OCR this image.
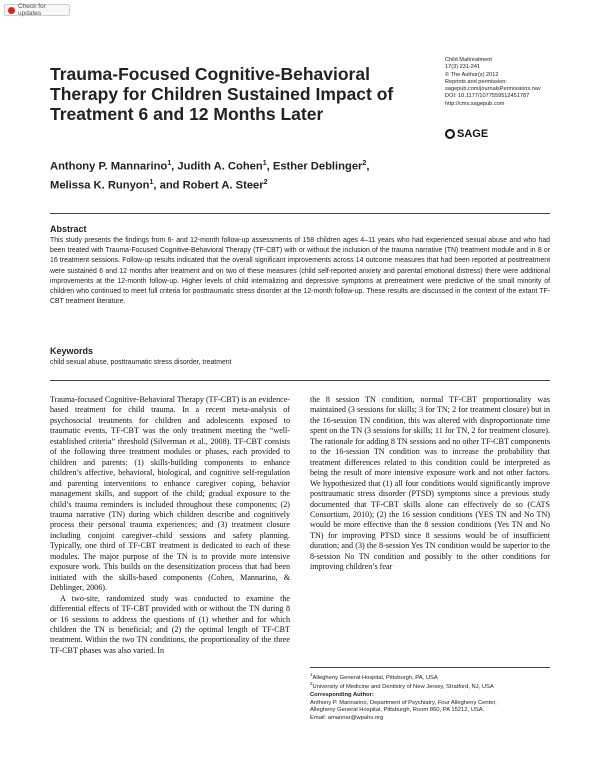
Check for updates
Child Maltreatment
17(3) 231-241
© The Author(s) 2012
Reprints and permission:
sagepub.com/journalsPermissions.nav
DOI: 10.1177/1077559512451787
http://cmx.sagepub.com
SAGE
Trauma-Focused Cognitive-Behavioral Therapy for Children Sustained Impact of Treatment 6 and 12 Months Later
Anthony P. Mannarino$^1$, Judith A. Cohen$^1$, Esther Deblinger$^2$,
Melissa K. Runyon$^1$, and Robert A. Steer$^2$
Abstract
This study presents the findings from 6- and 12-month follow-up assessments of 158 children ages 4–11 years who had experienced sexual abuse and who had been treated with Trauma-Focused Cognitive-Behavioral Therapy (TF-CBT) with or without the inclusion of the trauma narrative (TN) treatment module and in 8 or 16 treatment sessions. Follow-up results indicated that the overall significant improvements across 14 outcome measures that had been reported at posttreatment were sustained 6 and 12 months after treatment and on two of these measures (child self-reported anxiety and parental emotional distress) there were additional improvements at the 12-month follow-up. Higher levels of child internalizing and depressive symptoms at pretreatment were predictive of the small minority of children who continued to meet full criteria for posttraumatic stress disorder at the 12-month follow-up. These results are discussed in the context of the extant TF-CBT treatment literature.
Keywords
child sexual abuse, posttraumatic stress disorder, treatment

Trauma-focused Cognitive-Behavioral Therapy (TF-CBT) is an evidence-based treatment for child trauma. In a recent meta-analysis of psychosocial treatments for children and adolescents exposed to traumatic events, TF-CBT was the only treatment meeting the “well-established criteria” threshold (Silverman et al., 2008). TF-CBT consists of the following three treatment modules or phases, each provided to children and parents: (1) skills-building components to enhance children’s affective, behavioral, biological, and cognitive self-regulation and parenting interventions to enhance caregiver coping, behavior management skills, and support of the child; gradual exposure to the child’s trauma reminders is included throughout these components; (2) trauma narrative (TN) during which children describe and cognitively process their personal trauma experiences; and (3) treatment closure including conjoint caregiver–child sessions and safety planning. Typically, one third of TF-CBT treatment is dedicated to each of these modules. The major purpose of the TN is to provide more intensive exposure work. This builds on the desensitization process that had been initiated with the skills-based components (Cohen, Mannarino, & Deblinger, 2006).

A two-site, randomized study was conducted to examine the differential effects of TF-CBT provided with or without the TN during 8 or 16 sessions to address the questions of (1) whether and for which children the TN is beneficial; and (2) the optimal length of TF-CBT treatment. Within the two TN conditions, the proportionality of the three TF-CBT phases was also varied. In

the 8 session TN condition, normal TF-CBT proportionality was maintained (3 sessions for skills; 3 for TN; 2 for treatment closure) but in the 16-session TN condition, this was altered with disproportionate time spent on the TN (3 sessions for skills; 11 for TN, 2 for treatment closure). The rationale for adding 8 TN sessions and no other TF-CBT components to the 16-session TN condition was to increase the probability that treatment differences related to this condition could be interpreted as being the result of more intensive exposure work and not other factors. We hypothesized that (1) all four conditions would significantly improve posttraumatic stress disorder (PTSD) symptoms since a previous study documented that TF-CBT skills alone can effectively do so (CATS Consortium, 2010); (2) the 16 session conditions (YES TN and No TN) would be more effective than the 8 session conditions (Yes TN and No TN) for improving PTSD since 8 sessions would be of insufficient duration; and (3) the 8-session Yes TN condition would be superior to the 8-session No TN condition and possibly to the other conditions for improving children’s fear

$^1$Allegheny General Hospital, Pittsburgh, PA, USA
$^2$University of Medicine and Dentistry of New Jersey, Stratford, NJ, USA
Corresponding Author:
Anthony P. Mannarino, Department of Psychiatry, Four Allegheny Center,
Allegheny General Hospital, Pittsburgh, Room 860, PA 15212, USA.
Email: amannar@wpahs.org
